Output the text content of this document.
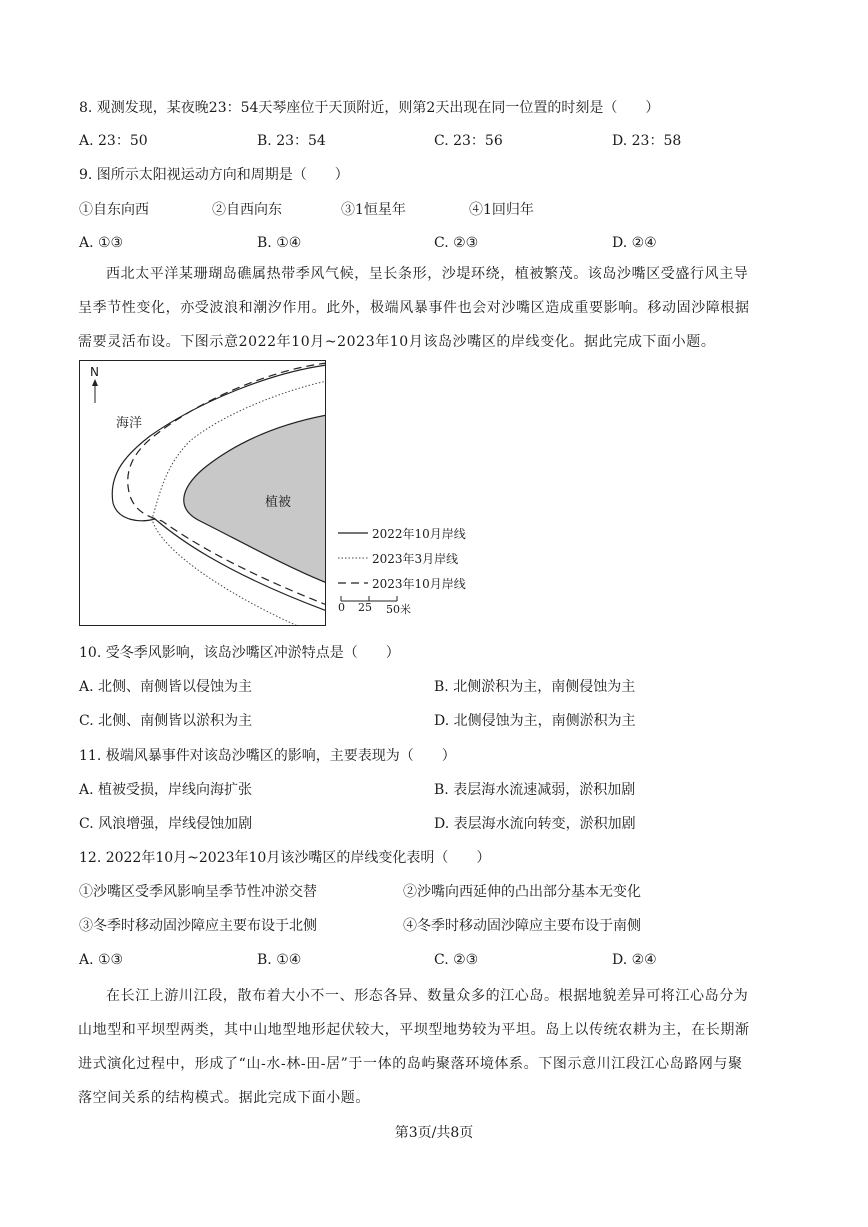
8. 观测发现，某夜晚23：54天琴座位于天顶附近，则第2天出现在同一位置的时刻是（　　）
A. 23：50	B. 23：54	C. 23：56	D. 23：58
9. 图所示太阳视运动方向和周期是（　　）
①自东向西	②自西向东	③1恒星年	④1回归年
A. ①③	B. ①④	C. ②③	D. ②④
西北太平洋某珊瑚岛礁属热带季风气候，呈长条形，沙堤环绕，植被繁茂。该岛沙嘴区受盛行风主导
呈季节性变化，亦受波浪和潮汐作用。此外，极端风暴事件也会对沙嘴区造成重要影响。移动固沙障根据
需要灵活布设。下图示意2022年10月~2023年10月该岛沙嘴区的岸线变化。据此完成下面小题。
N
海洋
植被
2022年10月岸线
2023年3月岸线
2023年10月岸线
0 25 50米
10. 受冬季风影响，该岛沙嘴区冲淤特点是（　　）
A. 北侧、南侧皆以侵蚀为主	B. 北侧淤积为主，南侧侵蚀为主
C. 北侧、南侧皆以淤积为主	D. 北侧侵蚀为主，南侧淤积为主
11. 极端风暴事件对该岛沙嘴区的影响，主要表现为（　　）
A. 植被受损，岸线向海扩张	B. 表层海水流速减弱，淤积加剧
C. 风浪增强，岸线侵蚀加剧	D. 表层海水流向转变，淤积加剧
12. 2022年10月~2023年10月该沙嘴区的岸线变化表明（　　）
①沙嘴区受季风影响呈季节性冲淤交替	②沙嘴向西延伸的凸出部分基本无变化
③冬季时移动固沙障应主要布设于北侧	④冬季时移动固沙障应主要布设于南侧
A. ①③	B. ①④	C. ②③	D. ②④
在长江上游川江段，散布着大小不一、形态各异、数量众多的江心岛。根据地貌差异可将江心岛分为
山地型和平坝型两类，其中山地型地形起伏较大，平坝型地势较为平坦。岛上以传统农耕为主，在长期渐
进式演化过程中，形成了“山-水-林-田-居”于一体的岛屿聚落环境体系。下图示意川江段江心岛路网与聚
落空间关系的结构模式。据此完成下面小题。
第3页/共8页
